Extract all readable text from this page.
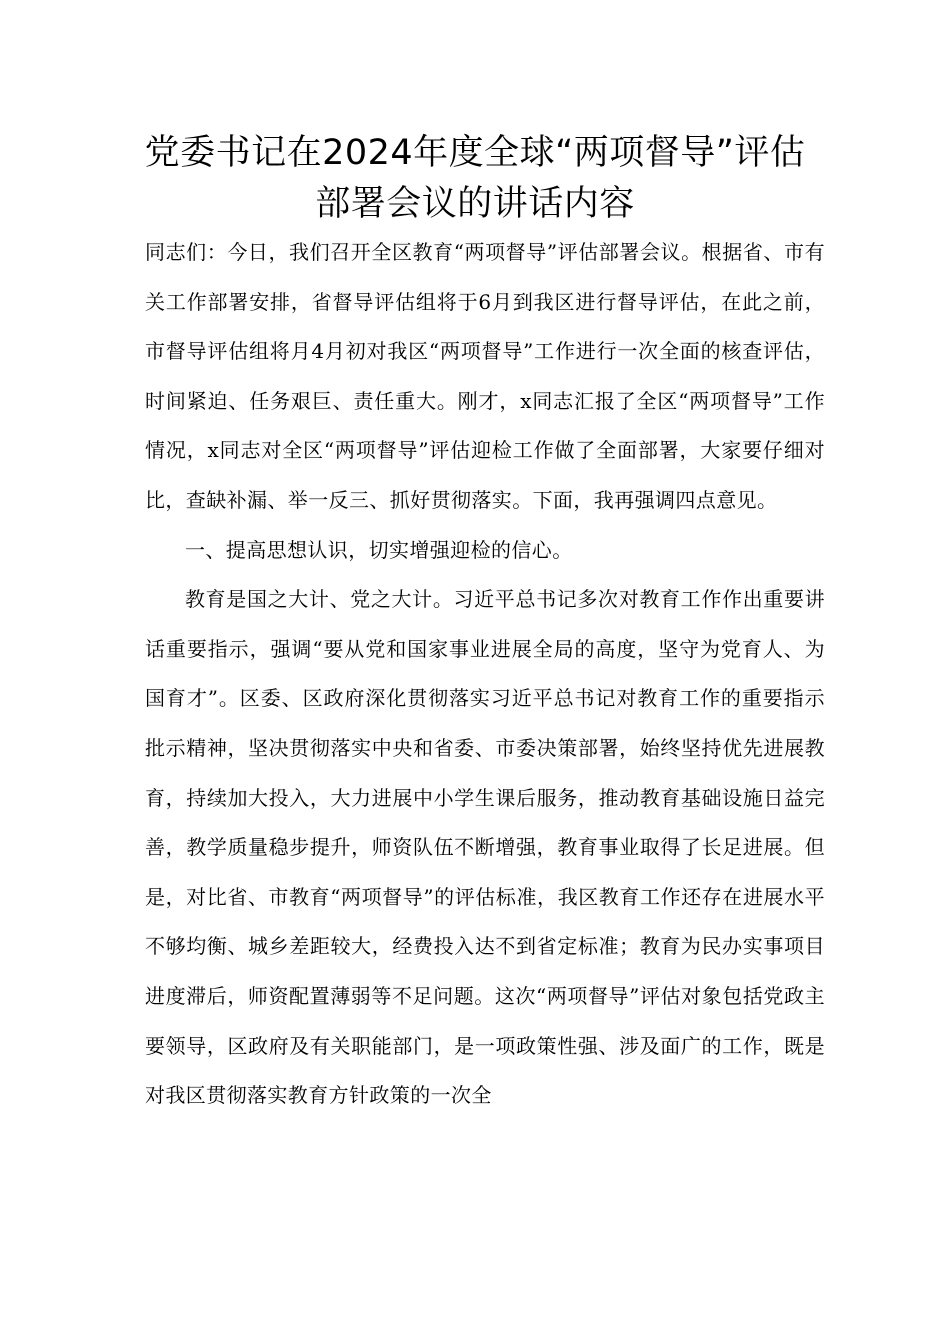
党委书记在2024年度全球“两项督导”评估部署会议的讲话内容

同志们：今日，我们召开全区教育“两项督导”评估部署会议。根据省、市有关工作部署安排，省督导评估组将于6月到我区进行督导评估，在此之前，市督导评估组将月4月初对我区“两项督导”工作进行一次全面的核查评估，时间紧迫、任务艰巨、责任重大。刚才，x同志汇报了全区“两项督导”工作情况，x同志对全区“两项督导”评估迎检工作做了全面部署，大家要仔细对比，查缺补漏、举一反三、抓好贯彻落实。下面，我再强调四点意见。

一、提高思想认识，切实增强迎检的信心。

教育是国之大计、党之大计。习近平总书记多次对教育工作作出重要讲话重要指示，强调“要从党和国家事业进展全局的高度，坚守为党育人、为国育才”。区委、区政府深化贯彻落实习近平总书记对教育工作的重要指示批示精神，坚决贯彻落实中央和省委、市委决策部署，始终坚持优先进展教育，持续加大投入，大力进展中小学生课后服务，推动教育基础设施日益完善，教学质量稳步提升，师资队伍不断增强，教育事业取得了长足进展。但是，对比省、市教育“两项督导”的评估标准，我区教育工作还存在进展水平不够均衡、城乡差距较大，经费投入达不到省定标准；教育为民办实事项目进度滞后，师资配置薄弱等不足问题。这次“两项督导”评估对象包括党政主要领导，区政府及有关职能部门，是一项政策性强、涉及面广的工作，既是对我区贯彻落实教育方针政策的一次全
